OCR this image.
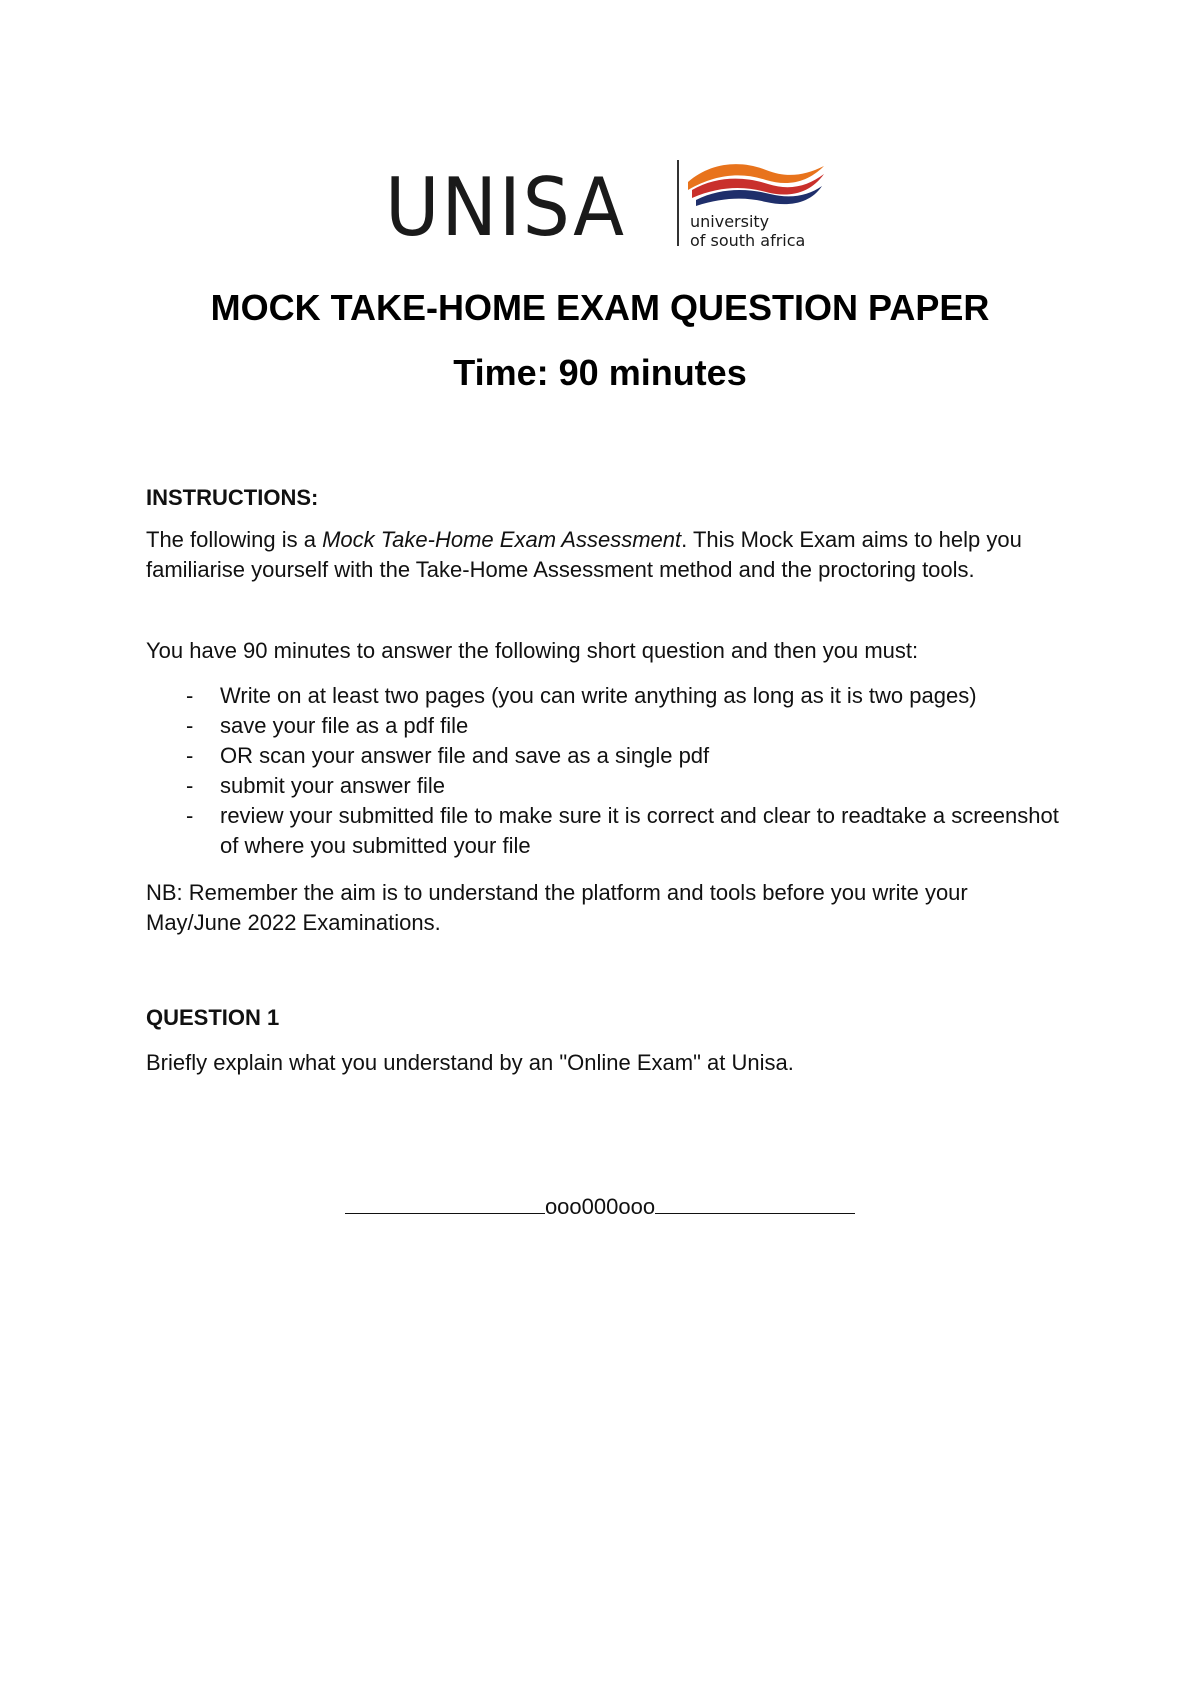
UNISA	university
of south africa
MOCK TAKE-HOME EXAM QUESTION PAPER
Time: 90 minutes
INSTRUCTIONS:
The following is a Mock Take-Home Exam Assessment. This Mock Exam aims to help you familiarise yourself with the Take-Home Assessment method and the proctoring tools.
You have 90 minutes to answer the following short question and then you must:
- Write on at least two pages (you can write anything as long as it is two pages)
- save your file as a pdf file
- OR scan your answer file and save as a single pdf
- submit your answer file
- review your submitted file to make sure it is correct and clear to readtake a screenshot of where you submitted your file
NB: Remember the aim is to understand the platform and tools before you write your May/June 2022 Examinations.
QUESTION 1
Briefly explain what you understand by an "Online Exam" at Unisa.
ooo000ooo
